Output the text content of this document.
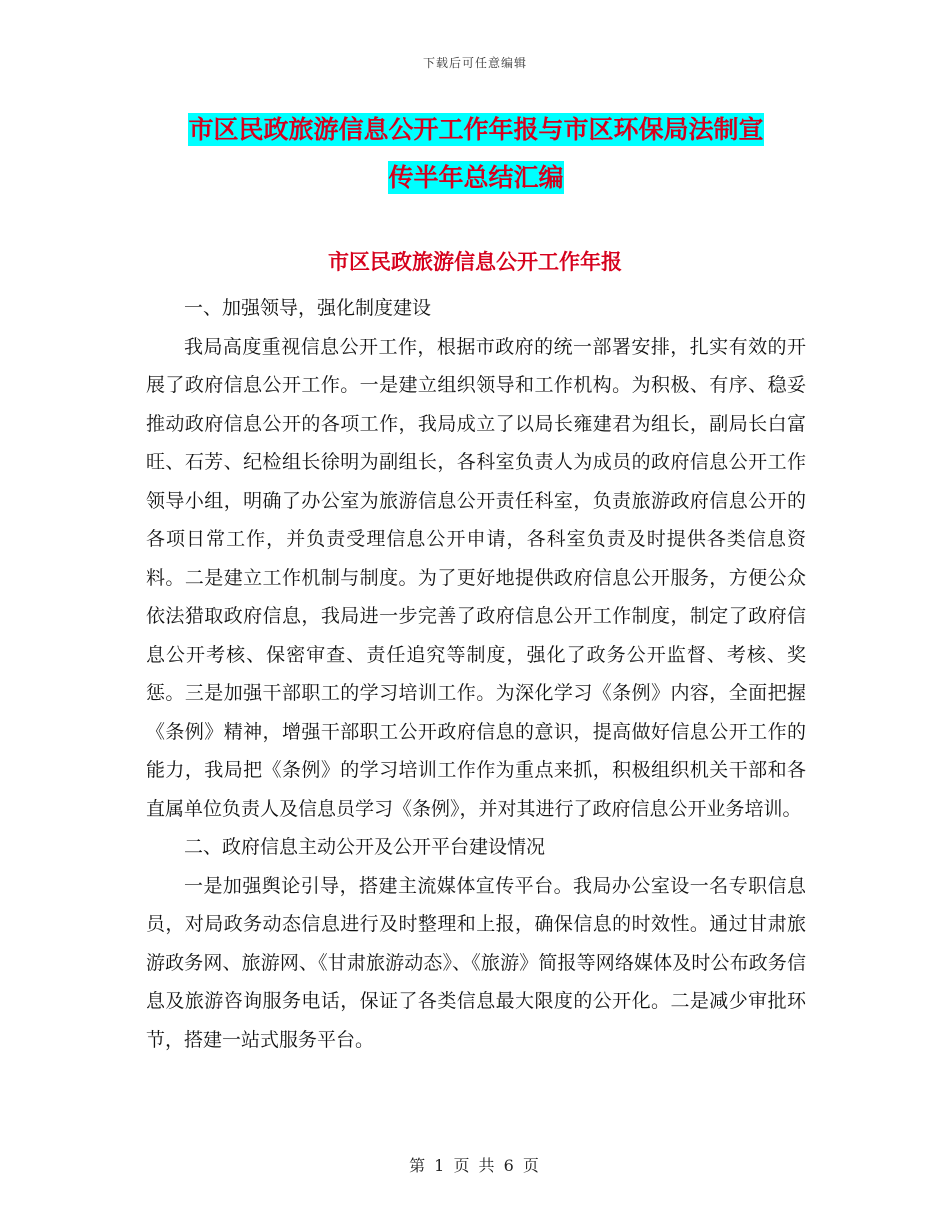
下载后可任意编辑
市区民政旅游信息公开工作年报与市区环保局法制宣
传半年总结汇编
市区民政旅游信息公开工作年报

一、加强领导，强化制度建设

我局高度重视信息公开工作，根据市政府的统一部署安排，扎实有效的开展了政府信息公开工作。一是建立组织领导和工作机构。为积极、有序、稳妥推动政府信息公开的各项工作，我局成立了以局长雍建君为组长，副局长白富旺、石芳、纪检组长徐明为副组长，各科室负责人为成员的政府信息公开工作领导小组，明确了办公室为旅游信息公开责任科室，负责旅游政府信息公开的各项日常工作，并负责受理信息公开申请，各科室负责及时提供各类信息资料。二是建立工作机制与制度。为了更好地提供政府信息公开服务，方便公众依法猎取政府信息，我局进一步完善了政府信息公开工作制度，制定了政府信息公开考核、保密审查、责任追究等制度，强化了政务公开监督、考核、奖惩。三是加强干部职工的学习培训工作。为深化学习《条例》内容，全面把握《条例》精神，增强干部职工公开政府信息的意识，提高做好信息公开工作的能力，我局把《条例》的学习培训工作作为重点来抓，积极组织机关干部和各直属单位负责人及信息员学习《条例》，并对其进行了政府信息公开业务培训。

二、政府信息主动公开及公开平台建设情况

一是加强舆论引导，搭建主流媒体宣传平台。我局办公室设一名专职信息员，对局政务动态信息进行及时整理和上报，确保信息的时效性。通过甘肃旅游政务网、旅游网、《甘肃旅游动态》、《旅游》简报等网络媒体及时公布政务信息及旅游咨询服务电话，保证了各类信息最大限度的公开化。二是减少审批环节，搭建一站式服务平台。

第 1 页 共 6 页
